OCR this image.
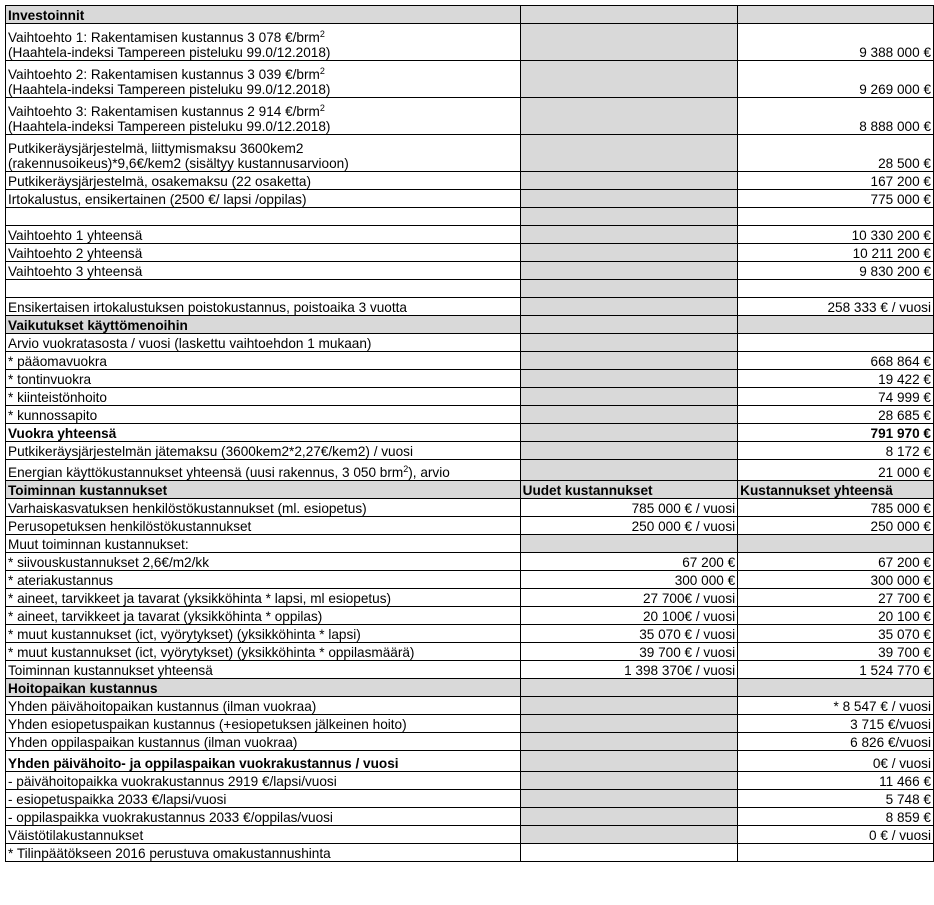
Investoinnit		

Vaihtoehto 1: Rakentamisen kustannus 3 078 €/brm$^2$
(Haahtela-indeksi Tampereen pisteluku 99.0/12.2018)		9 388 000 €

Vaihtoehto 2: Rakentamisen kustannus 3 039 €/brm$^2$
(Haahtela-indeksi Tampereen pisteluku 99.0/12.2018)		9 269 000 €

Vaihtoehto 3: Rakentamisen kustannus 2 914 €/brm$^2$
(Haahtela-indeksi Tampereen pisteluku 99.0/12.2018)		8 888 000 €

Putkikeräysjärjestelmä, liittymismaksu 3600kem2
(rakennusoikeus)*9,6€/kem2 (sisältyy kustannusarvioon)		28 500 €
Putkikeräysjärjestelmä, osakemaksu (22 osaketta)		167 200 €
Irtokalustus, ensikertainen (2500 €/ lapsi /oppilas)		775 000 €

Vaihtoehto 1 yhteensä		10 330 200 €
Vaihtoehto 2 yhteensä		10 211 200 €
Vaihtoehto 3 yhteensä		9 830 200 €

Ensikertaisen irtokalustuksen poistokustannus, poistoaika 3 vuotta		258 333 € / vuosi
Vaikutukset käyttömenoihin		
Arvio vuokratasosta / vuosi (laskettu vaihtoehdon 1 mukaan)		
* pääomavuokra		668 864 €
* tontinvuokra		19 422 €
* kiinteistönhoito		74 999 €
* kunnossapito		28 685 €
Vuokra yhteensä		791 970 €
Putkikeräysjärjestelmän jätemaksu (3600kem2*2,27€/kem2) / vuosi		8 172 €

Energian käyttökustannukset yhteensä (uusi rakennus, 3 050 brm$^2$), arvio		21 000 €
Toiminnan kustannukset	Uudet kustannukset	Kustannukset yhteensä
Varhaiskasvatuksen henkilöstökustannukset (ml. esiopetus)	785 000 € / vuosi	785 000 €
Perusopetuksen henkilöstökustannukset	250 000 € / vuosi	250 000 €
Muut toiminnan kustannukset:		
* siivouskustannukset 2,6€/m2/kk	67 200 €	67 200 €
* ateriakustannus	300 000 €	300 000 €
* aineet, tarvikkeet ja tavarat (yksikköhinta * lapsi, ml esiopetus)	27 700€ / vuosi	27 700 €
* aineet, tarvikkeet ja tavarat (yksikköhinta * oppilas)	20 100€ / vuosi	20 100 €
* muut kustannukset (ict, vyörytykset) (yksikköhinta * lapsi)	35 070 € / vuosi	35 070 €
* muut kustannukset (ict, vyörytykset) (yksikköhinta * oppilasmäärä)	39 700 € / vuosi	39 700 €
Toiminnan kustannukset yhteensä	1 398 370€ / vuosi	1 524 770 €
Hoitopaikan kustannus		
Yhden päivähoitopaikan kustannus (ilman vuokraa)		* 8 547 € / vuosi
Yhden esiopetuspaikan kustannus (+esiopetuksen jälkeinen hoito)		3 715 €/vuosi
Yhden oppilaspaikan kustannus (ilman vuokraa)		6 826 €/vuosi
Yhden päivähoito- ja oppilaspaikan vuokrakustannus / vuosi		0€ / vuosi
- päivähoitopaikka vuokrakustannus 2919 €/lapsi/vuosi		11 466 €
- esiopetuspaikka 2033 €/lapsi/vuosi		5 748 €
- oppilaspaikka vuokrakustannus 2033 €/oppilas/vuosi		8 859 €
Väistötilakustannukset		0 € / vuosi
* Tilinpäätökseen 2016 perustuva omakustannushinta		
